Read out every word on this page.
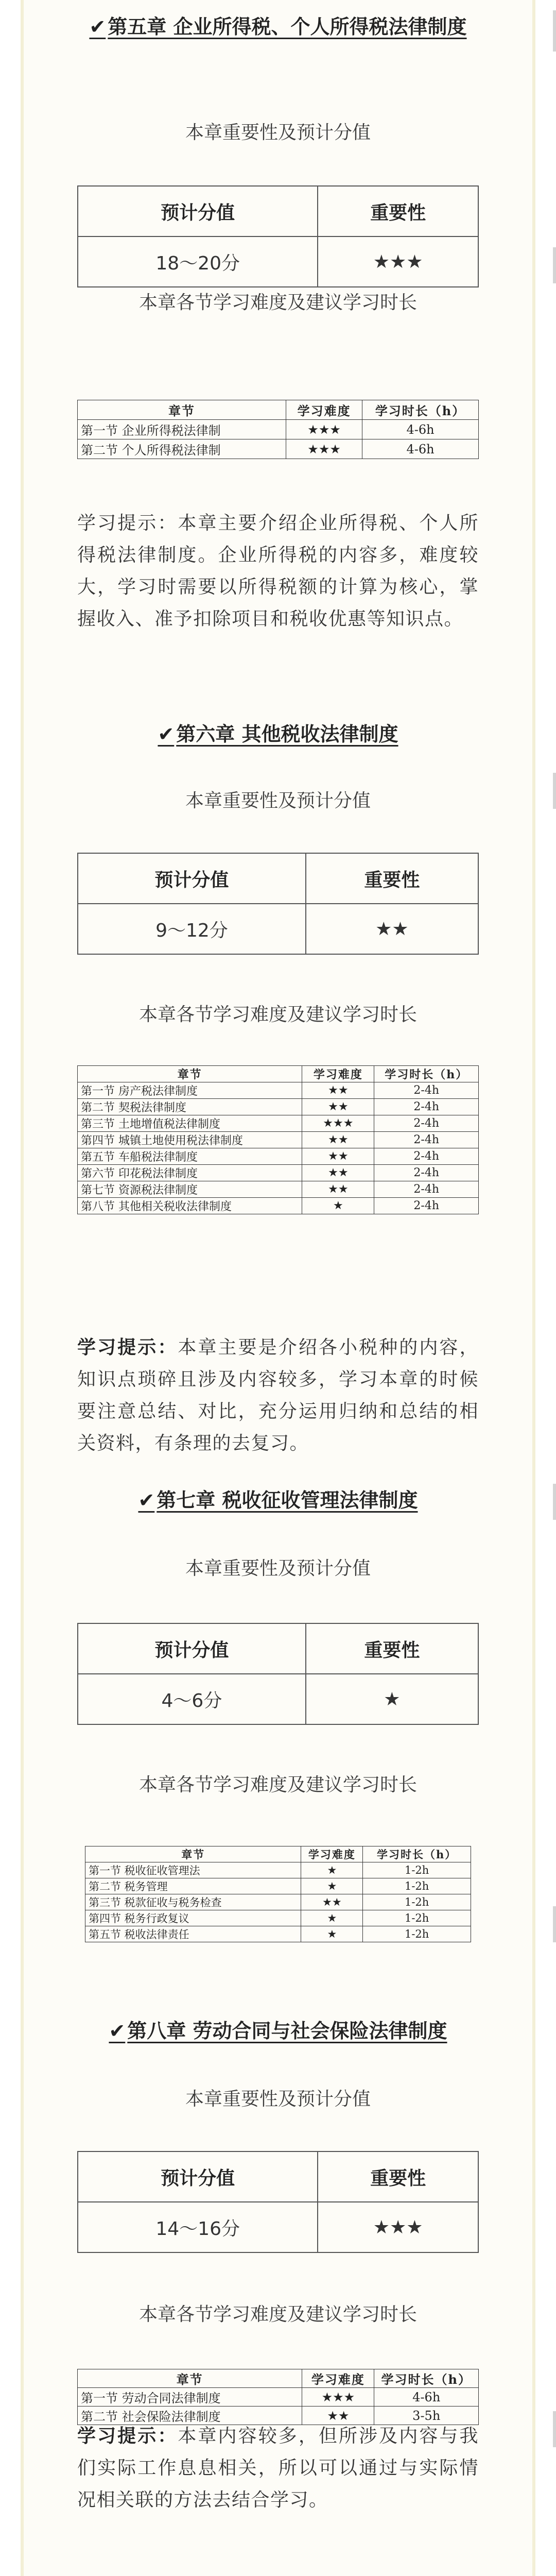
✔ 第五章 企业所得税、个人所得税法律制度

本章重要性及预计分值

预计分值	重要性
18～20分	★★★

本章各节学习难度及建议学习时长

章节	学习难度	学习时长（h）
第一节 企业所得税法律制	★★★	4-6h
第二节 个人所得税法律制	★★★	4-6h

学习提示：本章主要介绍企业所得税、个人所得税法律制度。企业所得税的内容多，难度较大，学习时需要以所得税额的计算为核心，掌握收入、准予扣除项目和税收优惠等知识点。

✔ 第六章 其他税收法律制度

本章重要性及预计分值

预计分值	重要性
9～12分	★★

本章各节学习难度及建议学习时长

章节	学习难度	学习时长（h）
第一节 房产税法律制度	★★	2-4h
第二节 契税法律制度	★★	2-4h
第三节 土地增值税法律制度	★★★	2-4h
第四节 城镇土地使用税法律制度	★★	2-4h
第五节 车船税法律制度	★★	2-4h
第六节 印花税法律制度	★★	2-4h
第七节 资源税法律制度	★★	2-4h
第八节 其他相关税收法律制度	★	2-4h

学习提示：本章主要是介绍各小税种的内容，知识点琐碎且涉及内容较多，学习本章的时候要注意总结、对比，充分运用归纳和总结的相关资料，有条理的去复习。

✔ 第七章 税收征收管理法律制度

本章重要性及预计分值

预计分值	重要性
4～6分	★

本章各节学习难度及建议学习时长

章节	学习难度	学习时长（h）
第一节 税收征收管理法	★	1-2h
第二节 税务管理	★	1-2h
第三节 税款征收与税务检查	★★	1-2h
第四节 税务行政复议	★	1-2h
第五节 税收法律责任	★	1-2h

✔ 第八章 劳动合同与社会保险法律制度

本章重要性及预计分值

预计分值	重要性
14～16分	★★★

本章各节学习难度及建议学习时长

章节	学习难度	学习时长（h）
第一节 劳动合同法律制度	★★★	4-6h
第二节 社会保险法律制度	★★	3-5h

学习提示：本章内容较多，但所涉及内容与我们实际工作息息相关，所以可以通过与实际情况相关联的方法去结合学习。
